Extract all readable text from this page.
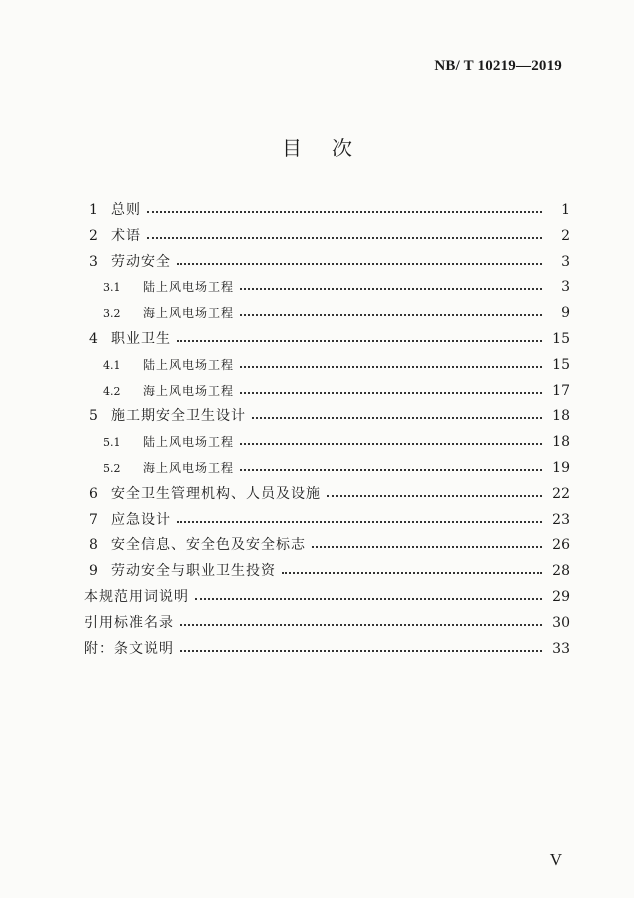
NB/ T 10219—2019

目次
1 总则	1
2 术语	2
3 劳动安全	3
3.1	陆上风电场工程	3
3.2	海上风电场工程	9
4 职业卫生	15
4.1	陆上风电场工程	15
4.2	海上风电场工程	17
5 施工期安全卫生设计	18
5.1	陆上风电场工程	18
5.2	海上风电场工程	19
6 安全卫生管理机构、人员及设施	22
7 应急设计	23
8 安全信息、安全色及安全标志	26
9 劳动安全与职业卫生投资	28
本规范用词说明	29
引用标准名录	30
附：条文说明	33

V
